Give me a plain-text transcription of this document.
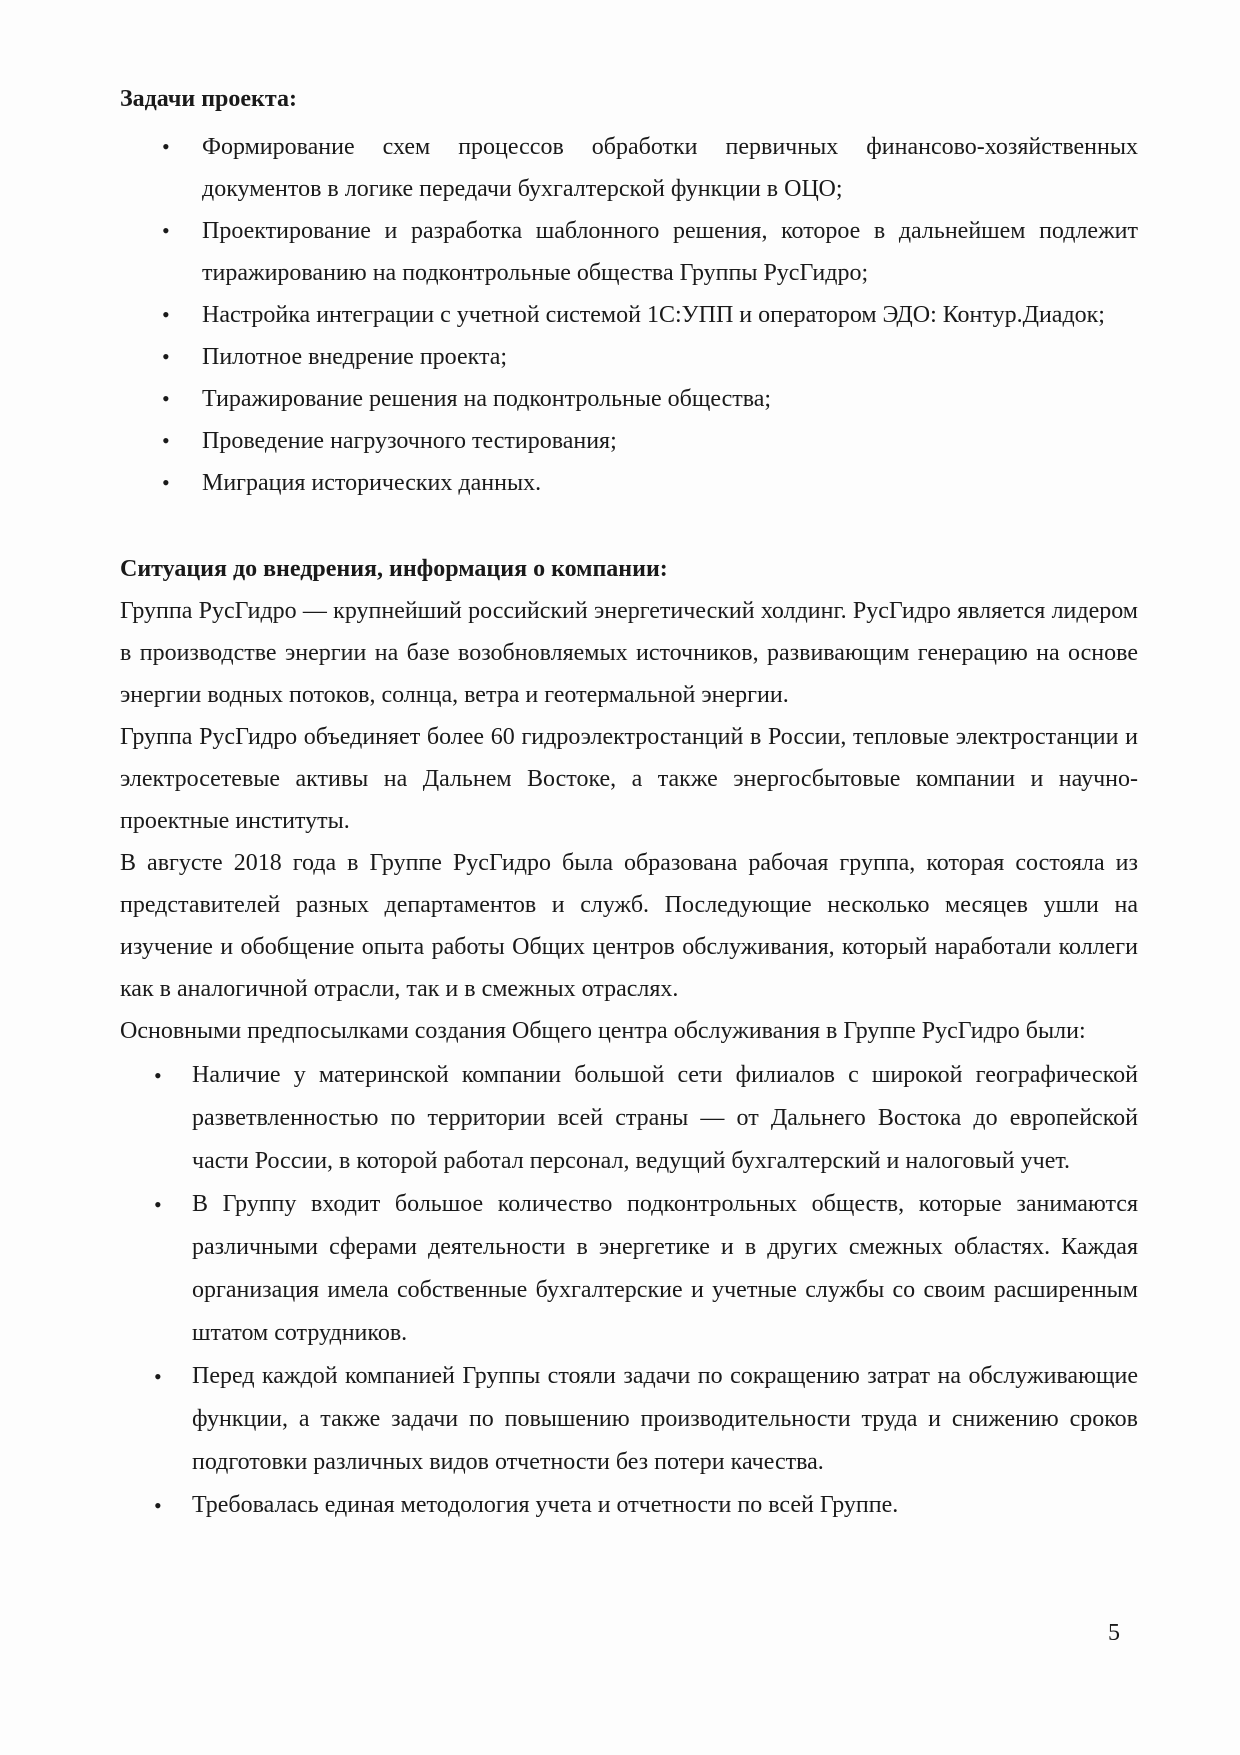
Задачи проекта:
• Формирование схем процессов обработки первичных финансово-хозяйственных документов в логике передачи бухгалтерской функции в ОЦО;
• Проектирование и разработка шаблонного решения, которое в дальнейшем подлежит тиражированию на подконтрольные общества Группы РусГидро;
• Настройка интеграции с учетной системой 1С:УПП и оператором ЭДО: Контур.Диадок;
• Пилотное внедрение проекта;
• Тиражирование решения на подконтрольные общества;
• Проведение нагрузочного тестирования;
• Миграция исторических данных.
Ситуация до внедрения, информация о компании:

Группа РусГидро — крупнейший российский энергетический холдинг. РусГидро является лидером в производстве энергии на базе возобновляемых источников, развивающим генерацию на основе энергии водных потоков, солнца, ветра и геотермальной энергии.

Группа РусГидро объединяет более 60 гидроэлектростанций в России, тепловые электростанции и электросетевые активы на Дальнем Востоке, а также энергосбытовые компании и научно-проектные институты.

В августе 2018 года в Группе РусГидро была образована рабочая группа, которая состояла из представителей разных департаментов и служб. Последующие несколько месяцев ушли на изучение и обобщение опыта работы Общих центров обслуживания, который наработали коллеги как в аналогичной отрасли, так и в смежных отраслях.

Основными предпосылками создания Общего центра обслуживания в Группе РусГидро были:

• Наличие у материнской компании большой сети филиалов с широкой географической разветвленностью по территории всей страны — от Дальнего Востока до европейской части России, в которой работал персонал, ведущий бухгалтерский и налоговый учет.
• В Группу входит большое количество подконтрольных обществ, которые занимаются различными сферами деятельности в энергетике и в других смежных областях. Каждая организация имела собственные бухгалтерские и учетные службы со своим расширенным штатом сотрудников.
• Перед каждой компанией Группы стояли задачи по сокращению затрат на обслуживающие функции, а также задачи по повышению производительности труда и снижению сроков подготовки различных видов отчетности без потери качества.
• Требовалась единая методология учета и отчетности по всей Группе.
5
